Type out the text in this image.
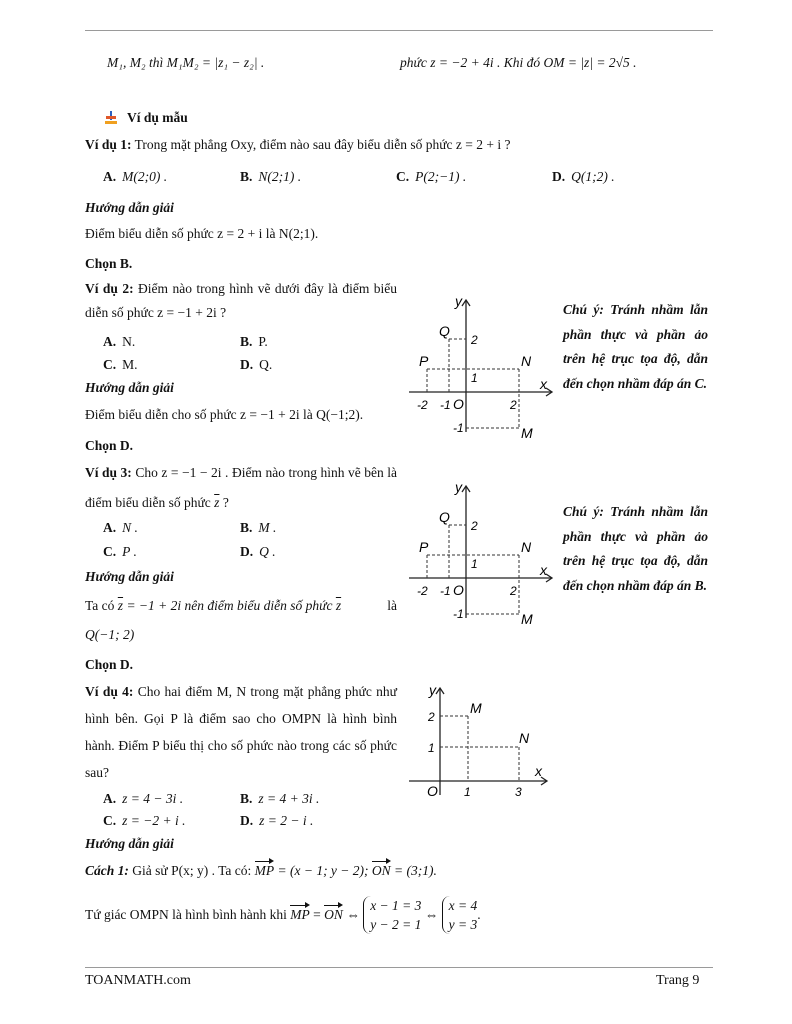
M₁, M₂ thì M₁M₂ = |z₁ − z₂| .	phức z = −2 + 4i . Khi đó OM = |z| = 2√5 .
Ví dụ mẫu
Ví dụ 1: Trong mặt phẳng Oxy, điểm nào sau đây biểu diễn số phức z = 2 + i ?
A. M(2;0) .	B. N(2;1) .	C. P(2;−1) .	D. Q(1;2) .
Hướng dẫn giải
Điểm biểu diễn số phức z = 2 + i là N(2;1).
Chọn B.
Ví dụ 2: Điểm nào trong hình vẽ dưới đây là điểm biểu diễn số phức z = −1 + 2i ?
A. N.	B. P.
C. M.	D. Q.
Hướng dẫn giải
Điểm biểu diễn cho số phức z = −1 + 2i là Q(−1;2).
Chọn D.
Chú ý: Tránh nhầm lẫn phần thực và phần ảo trên hệ trục tọa độ, dẫn đến chọn nhầm đáp án C.
y
x
O
Q
P	N
M
2
1
-1
-2 -1	2
Ví dụ 3: Cho z = −1 − 2i . Điểm nào trong hình vẽ bên là điểm biểu diễn số phức $\overline{z}$ ?
A. N .	B. M .
C. P .	D. Q .
Hướng dẫn giải
Ta có $\overline{z} = -1 + 2i$ nên điểm biểu diễn số phức $\overline{z}$	là
Q(−1; 2)
Chọn D.
Chú ý: Tránh nhầm lẫn phần thực và phần ảo trên hệ trục tọa độ, dẫn đến chọn nhầm đáp án B.
y
x
O
Q
P	N
M
2
1
-1
-2 -1	2
Ví dụ 4: Cho hai điểm M, N trong mặt phẳng phức như hình bên. Gọi P là điểm sao cho OMPN là hình bình hành. Điểm P biểu thị cho số phức nào trong các số phức sau?
A. z = 4 − 3i .	B. z = 4 + 3i .
C. z = −2 + i .	D. z = 2 − i .
Hướng dẫn giải
Cách 1: Giả sử P(x; y) . Ta có: MP = (x − 1; y − 2); ON = (3;1).
Tứ giác OMPN là hình bình hành khi MP = ON ⇔ x − 1 = 3
y − 2 = 1 ⇔ x = 4
y = 3.
y
x
O
M
N
2
1
1	3
TOANMATH.com	Trang 9
